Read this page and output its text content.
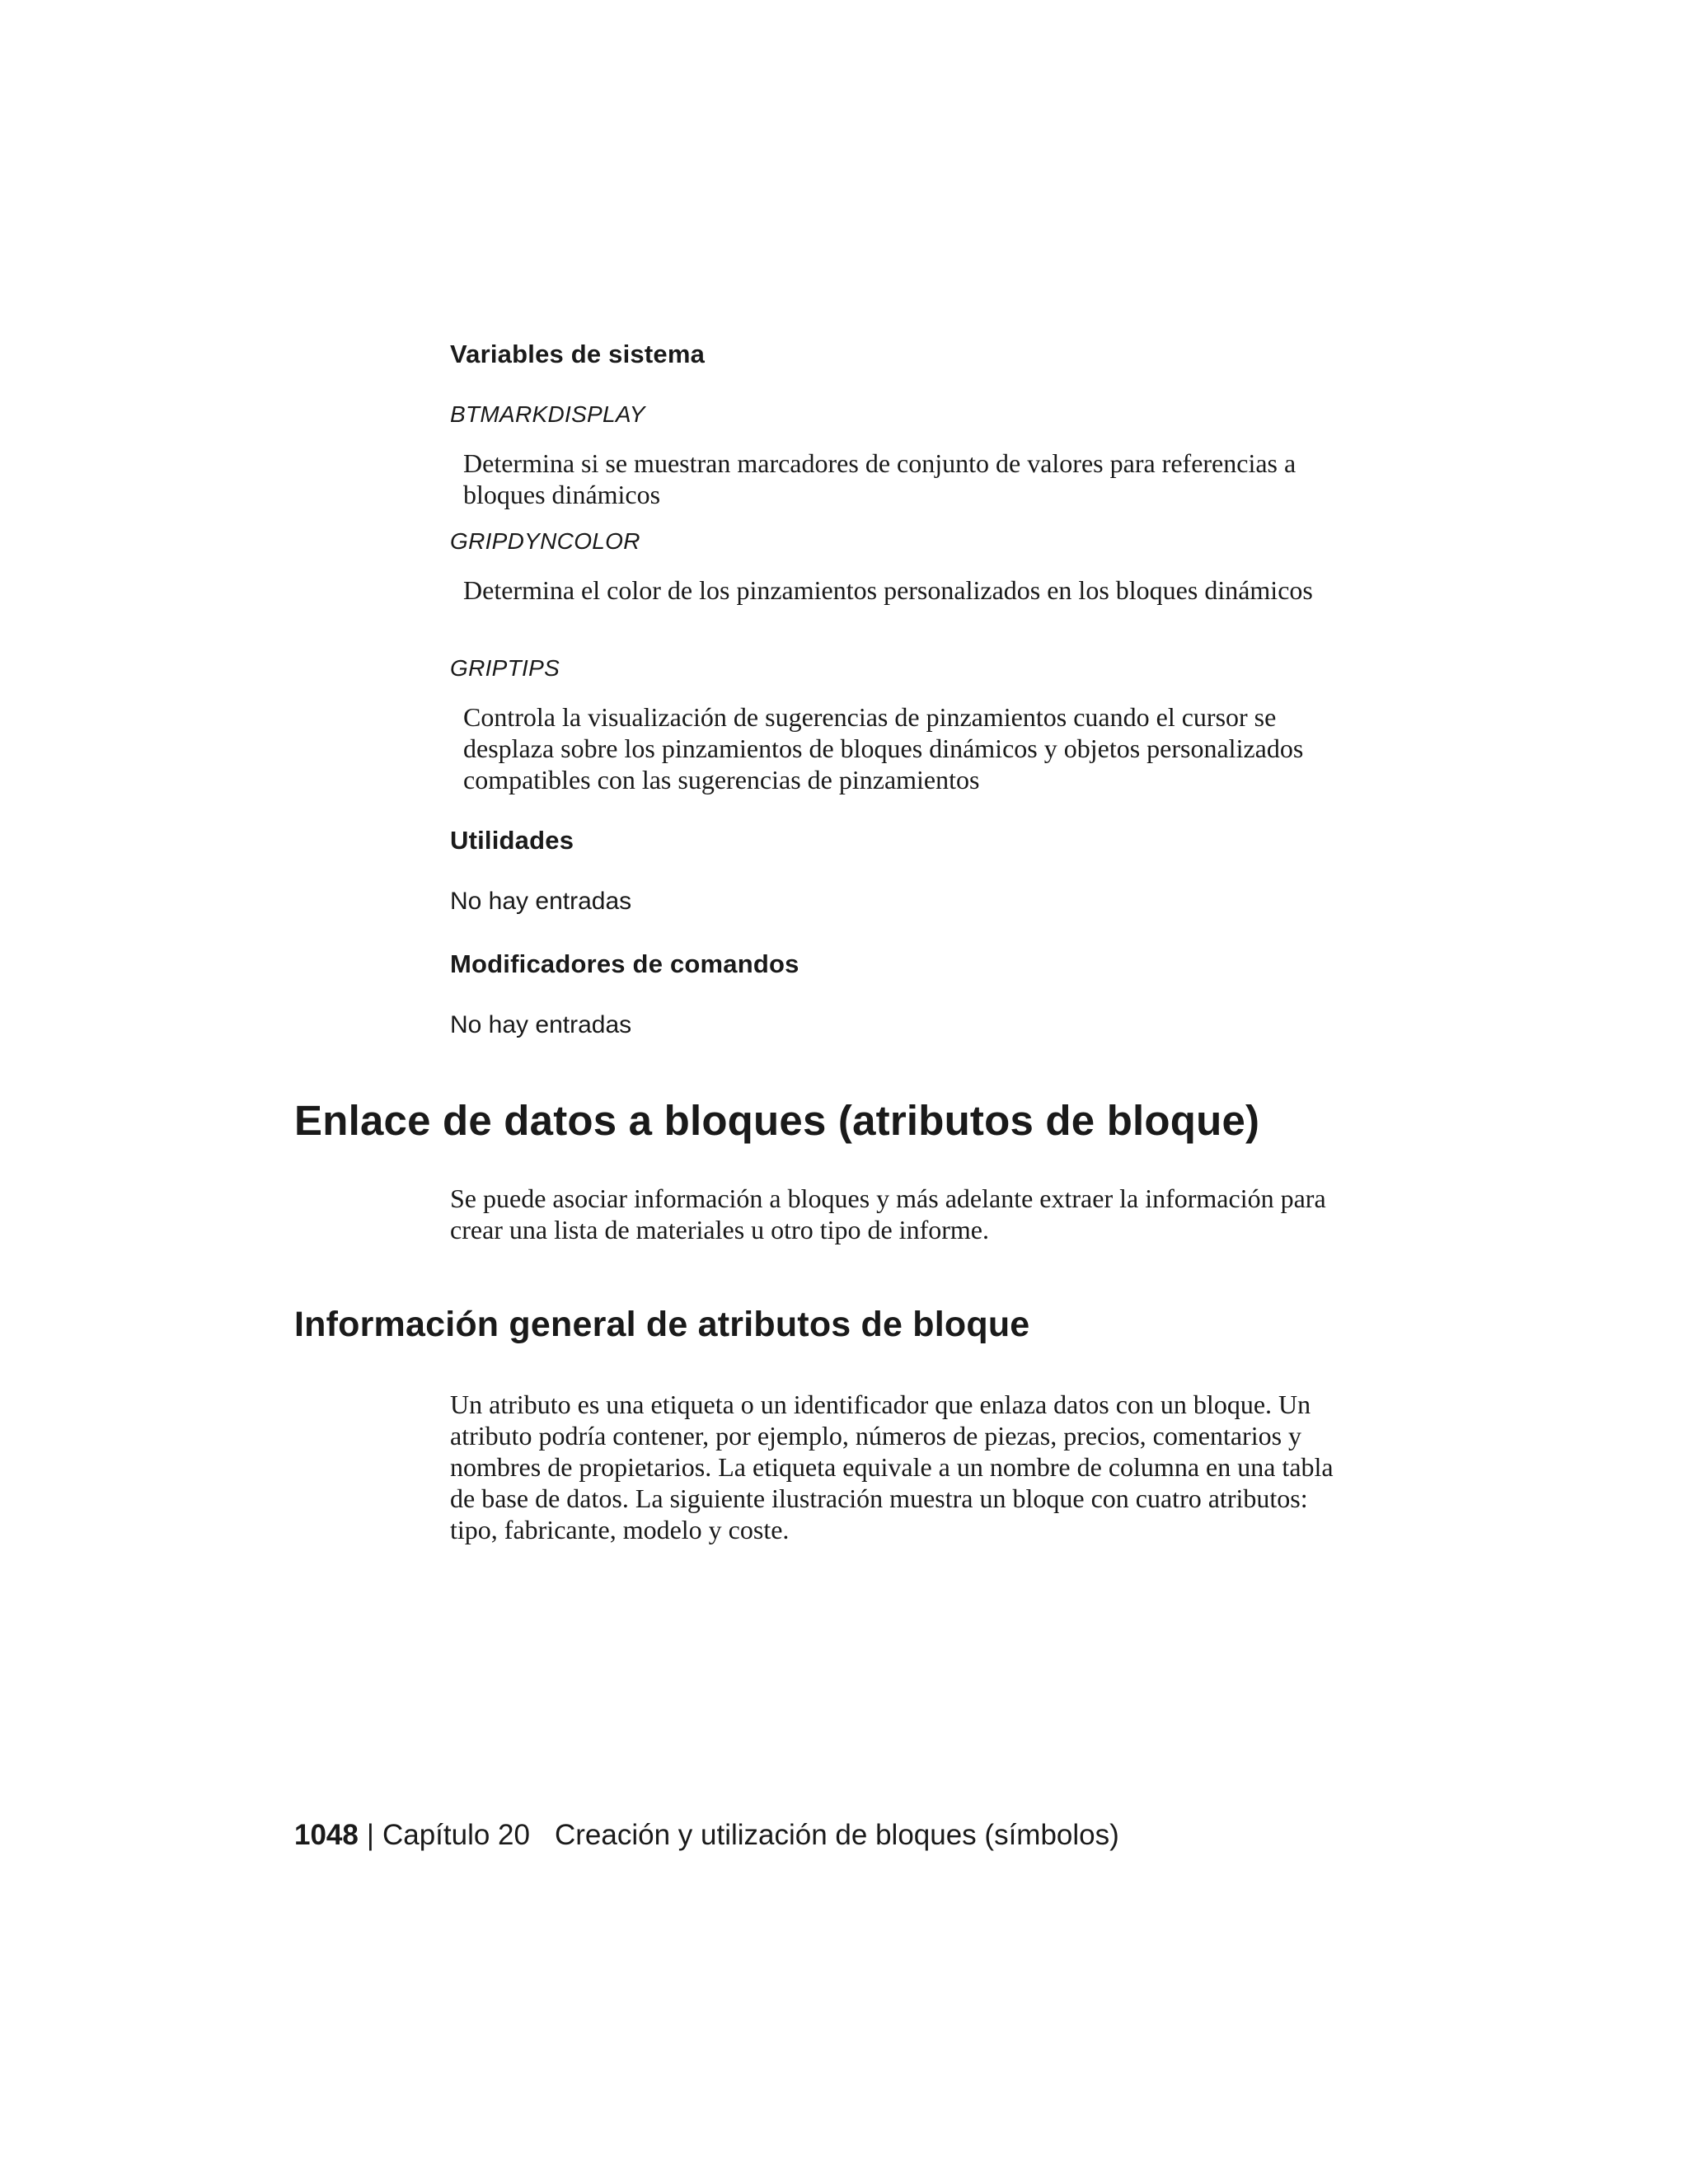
Variables de sistema

BTMARKDISPLAY

Determina si se muestran marcadores de conjunto de valores para referencias a bloques dinámicos

GRIPDYNCOLOR

Determina el color de los pinzamientos personalizados en los bloques dinámicos

GRIPTIPS

Controla la visualización de sugerencias de pinzamientos cuando el cursor se desplaza sobre los pinzamientos de bloques dinámicos y objetos personalizados compatibles con las sugerencias de pinzamientos

Utilidades

No hay entradas

Modificadores de comandos

No hay entradas

Enlace de datos a bloques (atributos de bloque)

Se puede asociar información a bloques y más adelante extraer la información para crear una lista de materiales u otro tipo de informe.

Información general de atributos de bloque

Un atributo es una etiqueta o un identificador que enlaza datos con un bloque. Un atributo podría contener, por ejemplo, números de piezas, precios, comentarios y nombres de propietarios. La etiqueta equivale a un nombre de columna en una tabla de base de datos. La siguiente ilustración muestra un bloque con cuatro atributos: tipo, fabricante, modelo y coste.

1048 | Capítulo 20 Creación y utilización de bloques (símbolos)
